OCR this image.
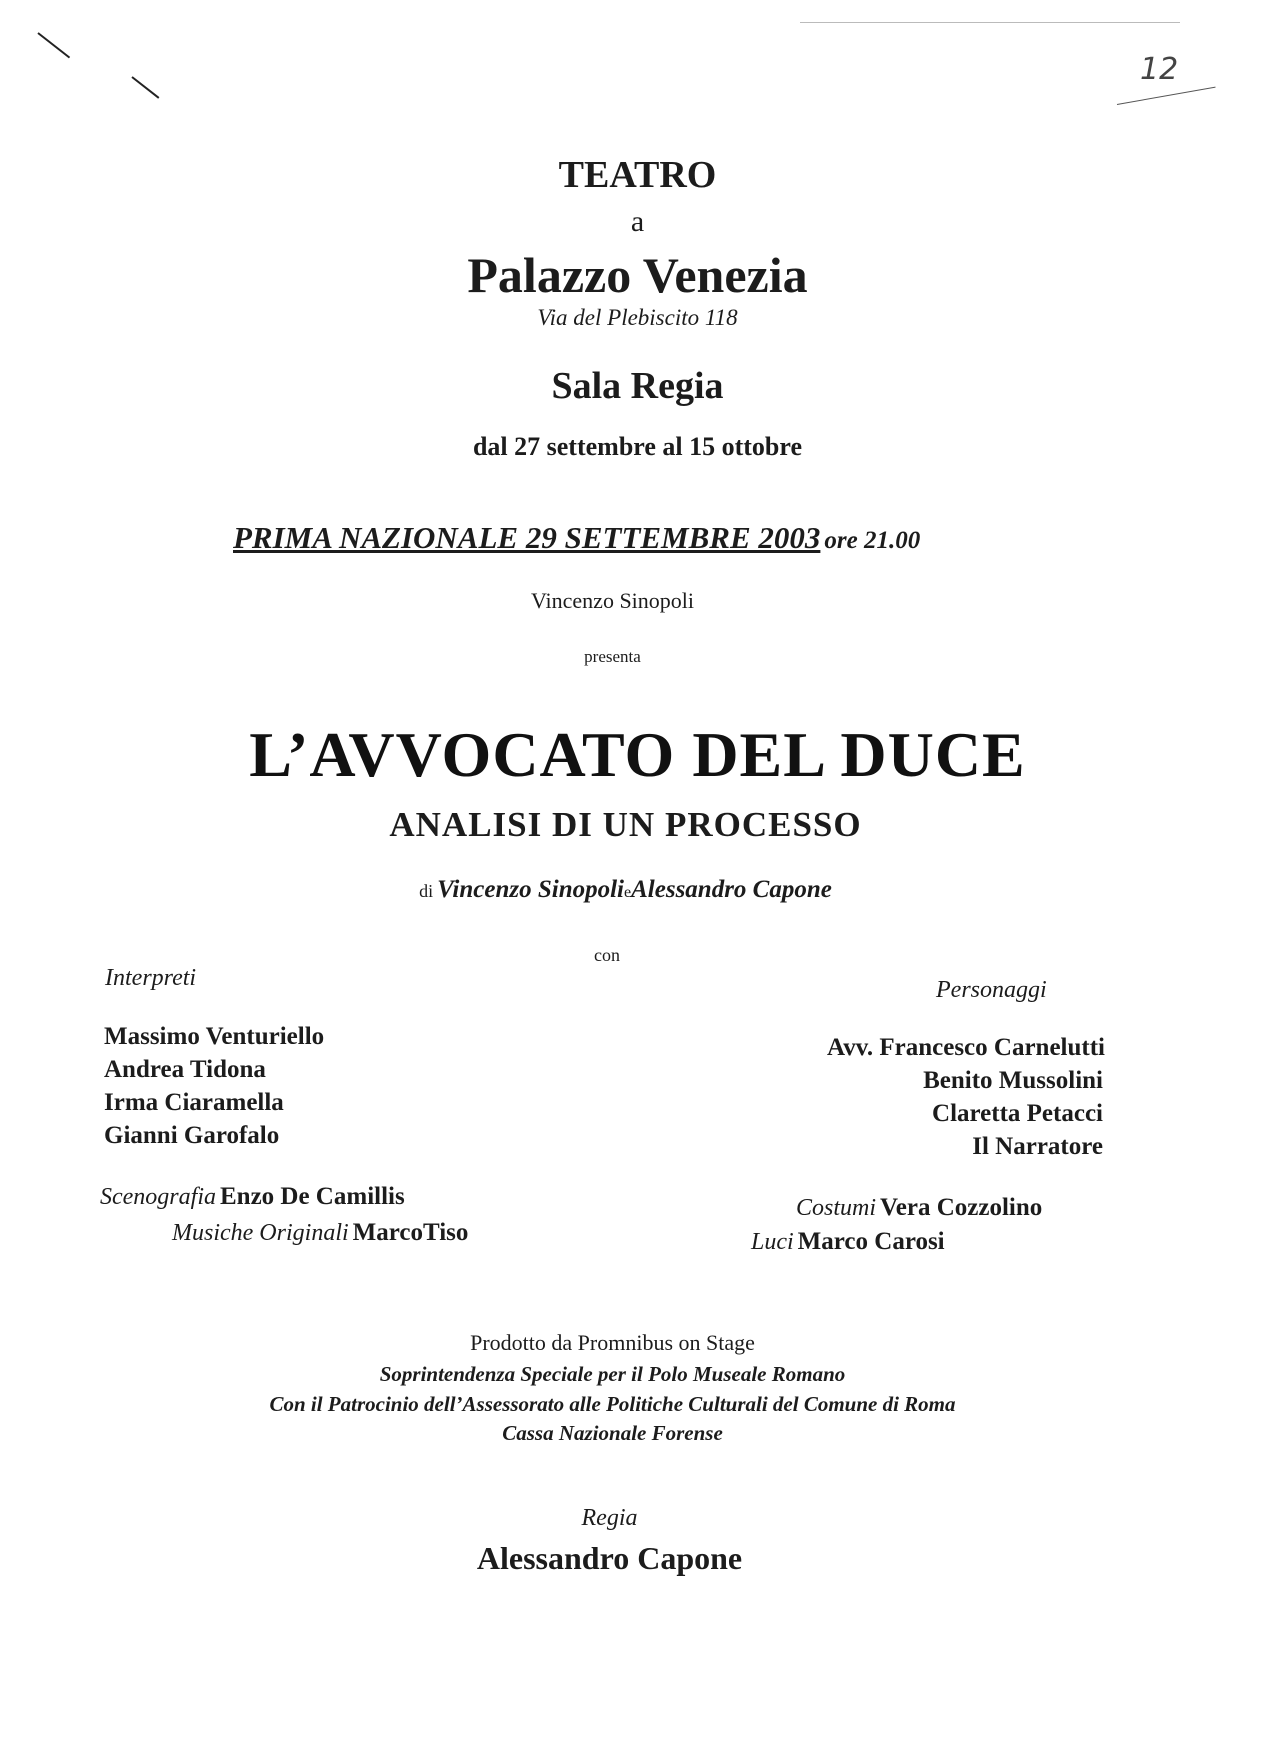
12
TEATRO
a
Palazzo Venezia
Via del Plebiscito 118
Sala Regia
dal 27 settembre al 15 ottobre
PRIMA NAZIONALE 29 SETTEMBRE 2003 ore 21.00
Vincenzo Sinopoli
presenta
L’AVVOCATO DEL DUCE
ANALISI DI UN PROCESSO
di Vincenzo SinopolieAlessandro Capone
con
Interpreti	Personaggi
Massimo Venturiello
Andrea Tidona
Irma Ciaramella
Gianni Garofalo
Avv. Francesco Carnelutti
Benito Mussolini
Claretta Petacci
Il Narratore
Scenografia Enzo De Camillis
Musiche Originali MarcoTiso
Costumi Vera Cozzolino
Luci Marco Carosi
Prodotto da Promnibus on Stage
Soprintendenza Speciale per il Polo Museale Romano
Con il Patrocinio dell’Assessorato alle Politiche Culturali del Comune di Roma
Cassa Nazionale Forense
Regia
Alessandro Capone
